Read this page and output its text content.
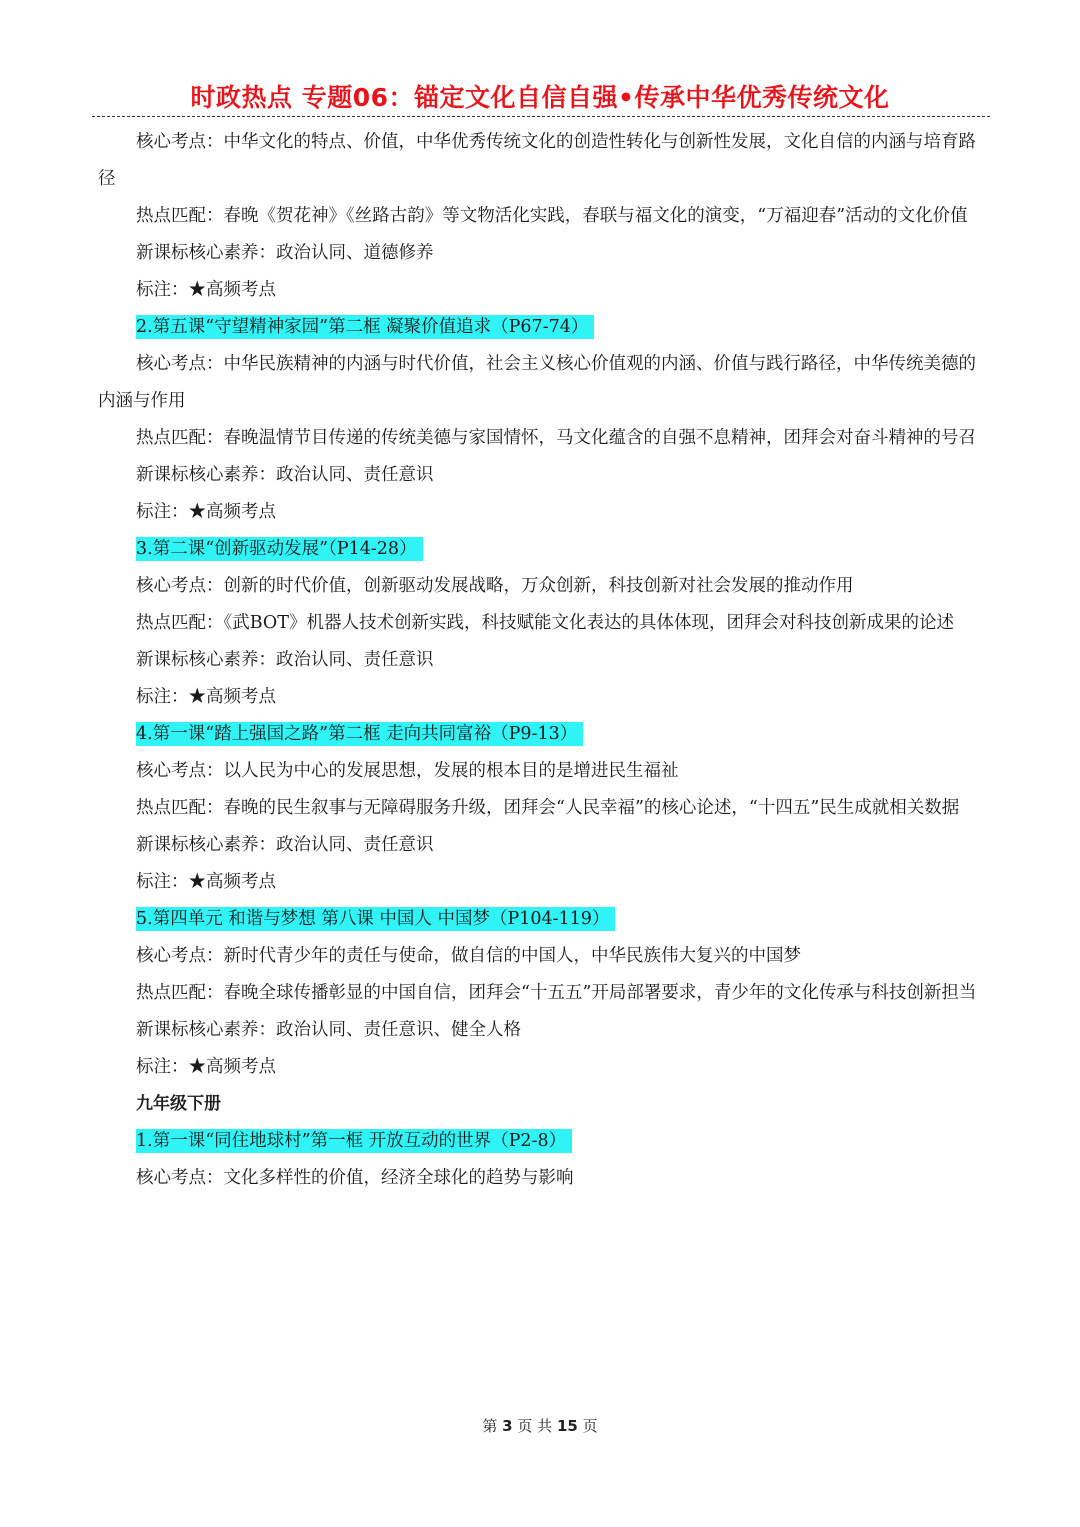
时政热点 专题06：锚定文化自信自强•传承中华优秀传统文化

核心考点：中华文化的特点、价值，中华优秀传统文化的创造性转化与创新性发展，文化自信的内涵与培育路径

热点匹配：春晚《贺花神》《丝路古韵》等文物活化实践，春联与福文化的演变，“万福迎春”活动的文化价值

新课标核心素养：政治认同、道德修养

标注：★高频考点

2.第五课“守望精神家园”第二框 凝聚价值追求（P67-74）

核心考点：中华民族精神的内涵与时代价值，社会主义核心价值观的内涵、价值与践行路径，中华传统美德的内涵与作用

热点匹配：春晚温情节目传递的传统美德与家国情怀，马文化蕴含的自强不息精神，团拜会对奋斗精神的号召

新课标核心素养：政治认同、责任意识

标注：★高频考点

3.第二课“创新驱动发展”（P14-28）

核心考点：创新的时代价值，创新驱动发展战略，万众创新，科技创新对社会发展的推动作用

热点匹配：《武BOT》机器人技术创新实践，科技赋能文化表达的具体体现，团拜会对科技创新成果的论述

新课标核心素养：政治认同、责任意识

标注：★高频考点

4.第一课“踏上强国之路”第二框 走向共同富裕（P9-13）

核心考点：以人民为中心的发展思想，发展的根本目的是增进民生福祉

热点匹配：春晚的民生叙事与无障碍服务升级，团拜会“人民幸福”的核心论述，“十四五”民生成就相关数据

新课标核心素养：政治认同、责任意识

标注：★高频考点

5.第四单元 和谐与梦想 第八课 中国人 中国梦（P104-119）

核心考点：新时代青少年的责任与使命，做自信的中国人，中华民族伟大复兴的中国梦

热点匹配：春晚全球传播彰显的中国自信，团拜会“十五五”开局部署要求，青少年的文化传承与科技创新担当

新课标核心素养：政治认同、责任意识、健全人格

标注：★高频考点

九年级下册

1.第一课“同住地球村”第一框 开放互动的世界（P2-8）

核心考点：文化多样性的价值，经济全球化的趋势与影响

第 3 页 共 15 页
